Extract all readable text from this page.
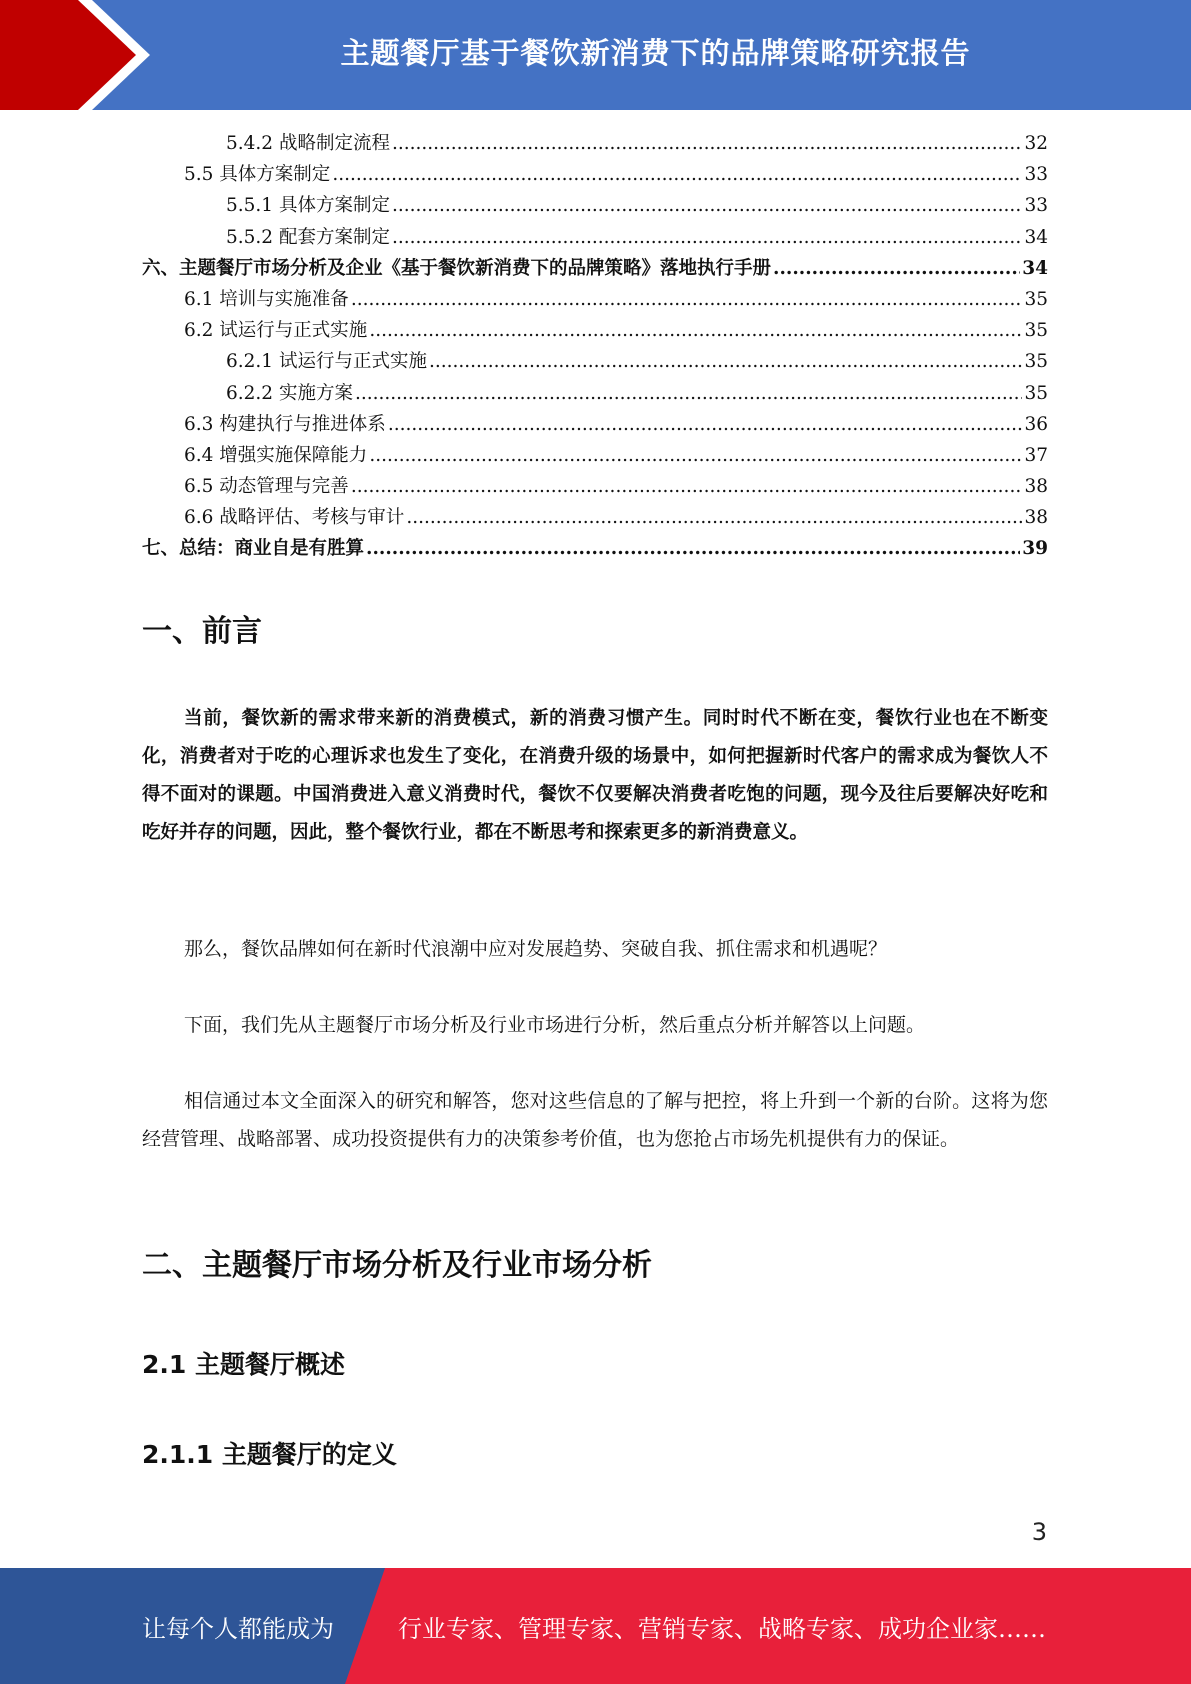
主题餐厅基于餐饮新消费下的品牌策略研究报告
5.4.2 战略制定流程 .....	32
5.5 具体方案制定 .....	33
5.5.1 具体方案制定 .....	33
5.5.2 配套方案制定 .....	34
六、主题餐厅市场分析及企业《基于餐饮新消费下的品牌策略》落地执行手册 .....	34
6.1 培训与实施准备 .....	35
6.2 试运行与正式实施 .....	35
6.2.1 试运行与正式实施 .....	35
6.2.2 实施方案 .....	35
6.3 构建执行与推进体系 .....	36
6.4 增强实施保障能力 .....	37
6.5 动态管理与完善 .....	38
6.6 战略评估、考核与审计 .....	38
七、总结：商业自是有胜算 .....	39
一、前言
当前，餐饮新的需求带来新的消费模式，新的消费习惯产生。同时时代不断在变，餐饮行业也在不断变化，消费者对于吃的心理诉求也发生了变化，在消费升级的场景中，如何把握新时代客户的需求成为餐饮人不得不面对的课题。中国消费进入意义消费时代，餐饮不仅要解决消费者吃饱的问题，现今及往后要解决好吃和吃好并存的问题，因此，整个餐饮行业，都在不断思考和探索更多的新消费意义。
那么，餐饮品牌如何在新时代浪潮中应对发展趋势、突破自我、抓住需求和机遇呢？
下面，我们先从主题餐厅市场分析及行业市场进行分析，然后重点分析并解答以上问题。
相信通过本文全面深入的研究和解答，您对这些信息的了解与把控，将上升到一个新的台阶。这将为您经营管理、战略部署、成功投资提供有力的决策参考价值，也为您抢占市场先机提供有力的保证。
二、主题餐厅市场分析及行业市场分析
2.1 主题餐厅概述
2.1.1 主题餐厅的定义
3
让每个人都能成为	行业专家、管理专家、营销专家、战略专家、成功企业家……
